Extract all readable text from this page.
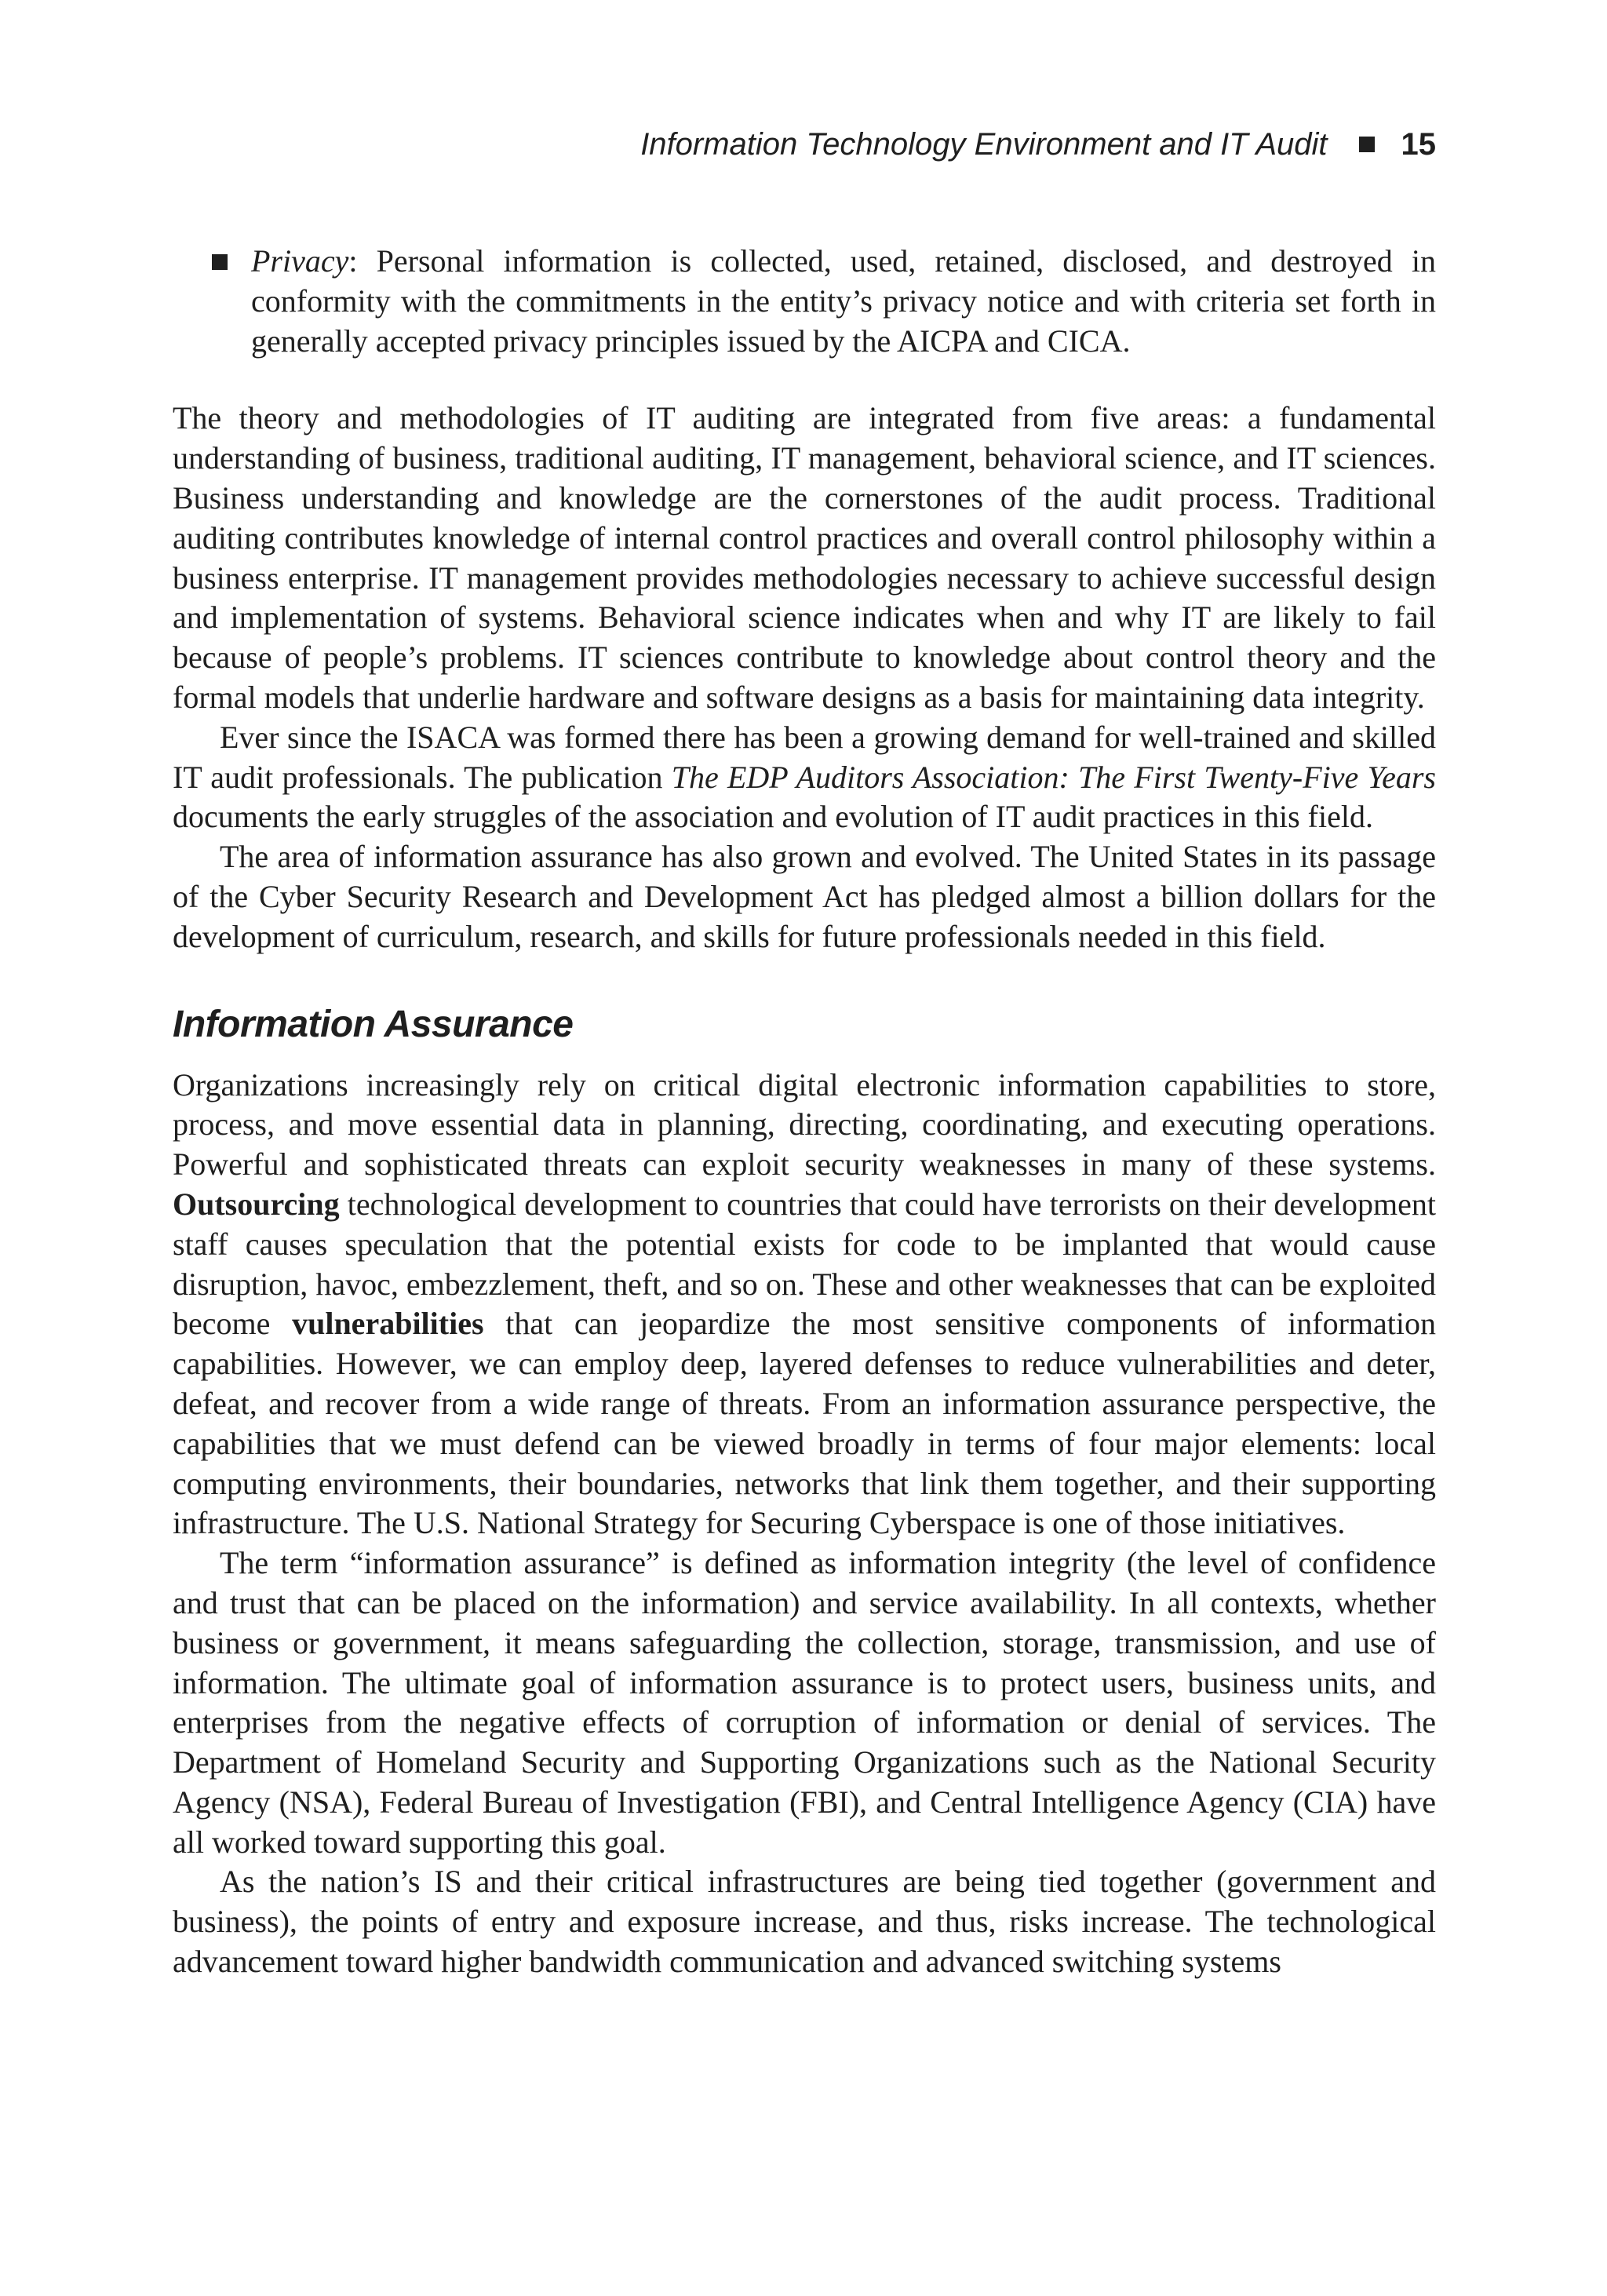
Information Technology Environment and IT Audit 15
Privacy: Personal information is collected, used, retained, disclosed, and destroyed in conformity with the commitments in the entity’s privacy notice and with criteria set forth in generally accepted privacy principles issued by the AICPA and CICA.

The theory and methodologies of IT auditing are integrated from five areas: a fundamental understanding of business, traditional auditing, IT management, behavioral science, and IT sciences. Business understanding and knowledge are the cornerstones of the audit process. Traditional auditing contributes knowledge of internal control practices and overall control philosophy within a business enterprise. IT management provides methodologies necessary to achieve successful design and implementation of systems. Behavioral science indicates when and why IT are likely to fail because of people’s problems. IT sciences contribute to knowledge about control theory and the formal models that underlie hardware and software designs as a basis for maintaining data integrity.

Ever since the ISACA was formed there has been a growing demand for well-trained and skilled IT audit professionals. The publication The EDP Auditors Association: The First Twenty-Five Years documents the early struggles of the association and evolution of IT audit practices in this field.

The area of information assurance has also grown and evolved. The United States in its passage of the Cyber Security Research and Development Act has pledged almost a billion dollars for the development of curriculum, research, and skills for future professionals needed in this field.

Information Assurance

Organizations increasingly rely on critical digital electronic information capabilities to store, process, and move essential data in planning, directing, coordinating, and executing operations. Powerful and sophisticated threats can exploit security weaknesses in many of these systems. Outsourcing technological development to countries that could have terrorists on their development staff causes speculation that the potential exists for code to be implanted that would cause disruption, havoc, embezzlement, theft, and so on. These and other weaknesses that can be exploited become vulnerabilities that can jeopardize the most sensitive components of information capabilities. However, we can employ deep, layered defenses to reduce vulnerabilities and deter, defeat, and recover from a wide range of threats. From an information assurance perspective, the capabilities that we must defend can be viewed broadly in terms of four major elements: local computing environments, their boundaries, networks that link them together, and their supporting infrastructure. The U.S. National Strategy for Securing Cyberspace is one of those initiatives.

The term “information assurance” is defined as information integrity (the level of confidence and trust that can be placed on the information) and service availability. In all contexts, whether business or government, it means safeguarding the collection, storage, transmission, and use of information. The ultimate goal of information assurance is to protect users, business units, and enterprises from the negative effects of corruption of information or denial of services. The Department of Homeland Security and Supporting Organizations such as the National Security Agency (NSA), Federal Bureau of Investigation (FBI), and Central Intelligence Agency (CIA) have all worked toward supporting this goal.

As the nation’s IS and their critical infrastructures are being tied together (government and business), the points of entry and exposure increase, and thus, risks increase. The technological advancement toward higher bandwidth communication and advanced switching systems
